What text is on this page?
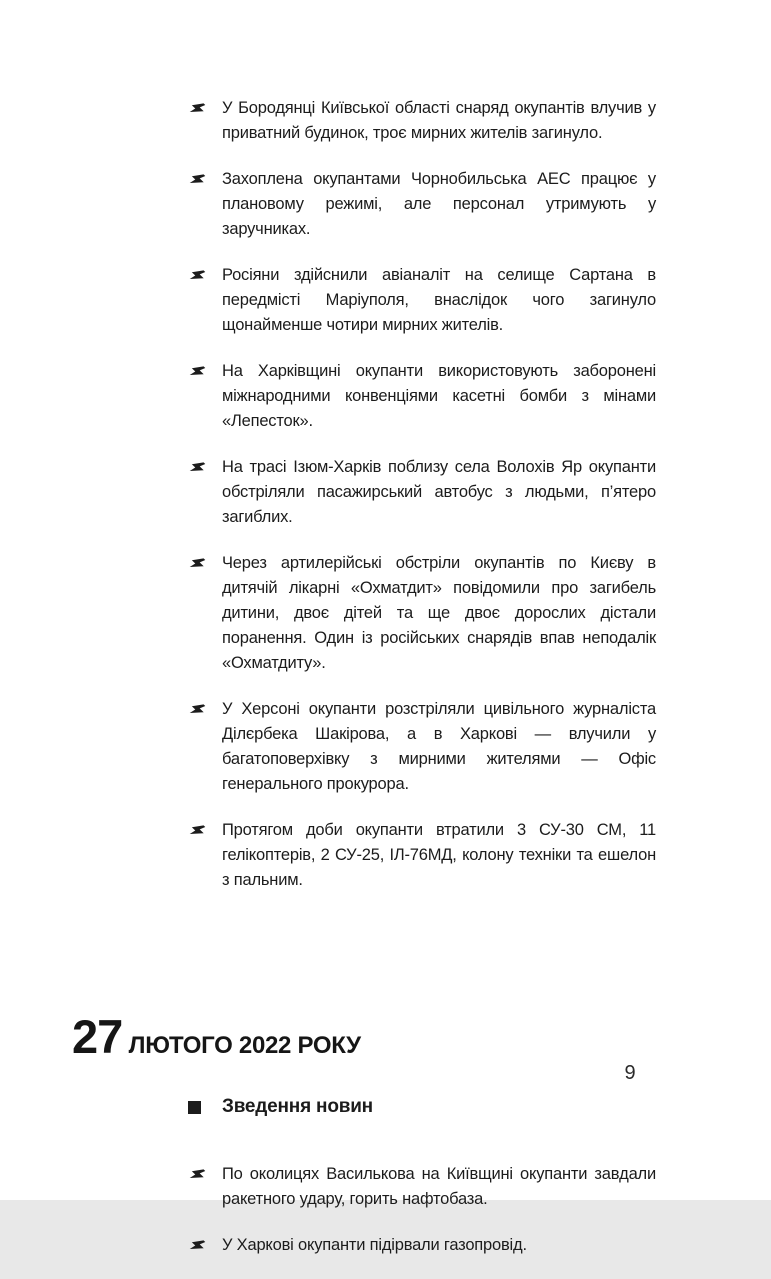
У Бородянці Київської області снаряд окупантів влучив у приватний будинок, троє мирних жителів загинуло.
Захоплена окупантами Чорнобильська АЕС працює у плановому режимі, але персонал утримують у заручниках.
Росіяни здійснили авіаналіт на селище Сартана в передмісті Маріуполя, внаслідок чого загинуло щонайменше чотири мирних жителів.
На Харківщині окупанти використовують заборонені міжнародними конвенціями касетні бомби з мінами «Лепесток».
На трасі Ізюм-Харків поблизу села Волохів Яр окупанти обстріляли пасажирський автобус з людьми, п’ятеро загиблих.
Через артилерійські обстріли окупантів по Києву в дитячій лікарні «Охматдит» повідомили про загибель дитини, двоє дітей та ще двоє дорослих дістали поранення. Один із російських снарядів впав неподалік «Охматдиту».
У Херсоні окупанти розстріляли цивільного журналіста Ділєрбека Шакірова, а в Харкові — влучили у багатоповерхівку з мирними жителями — Офіс генерального прокурора.
Протягом доби окупанти втратили 3 СУ-30 СМ, 11 гелікоптерів, 2 СУ-25, ІЛ-76МД, колону техніки та ешелон з пальним.
27 ЛЮТОГО 2022 РОКУ
Зведення новин
По околицях Василькова на Київщині окупанти завдали ракетного удару, горить нафтобаза.
У Харкові окупанти підірвали газопровід.
9
